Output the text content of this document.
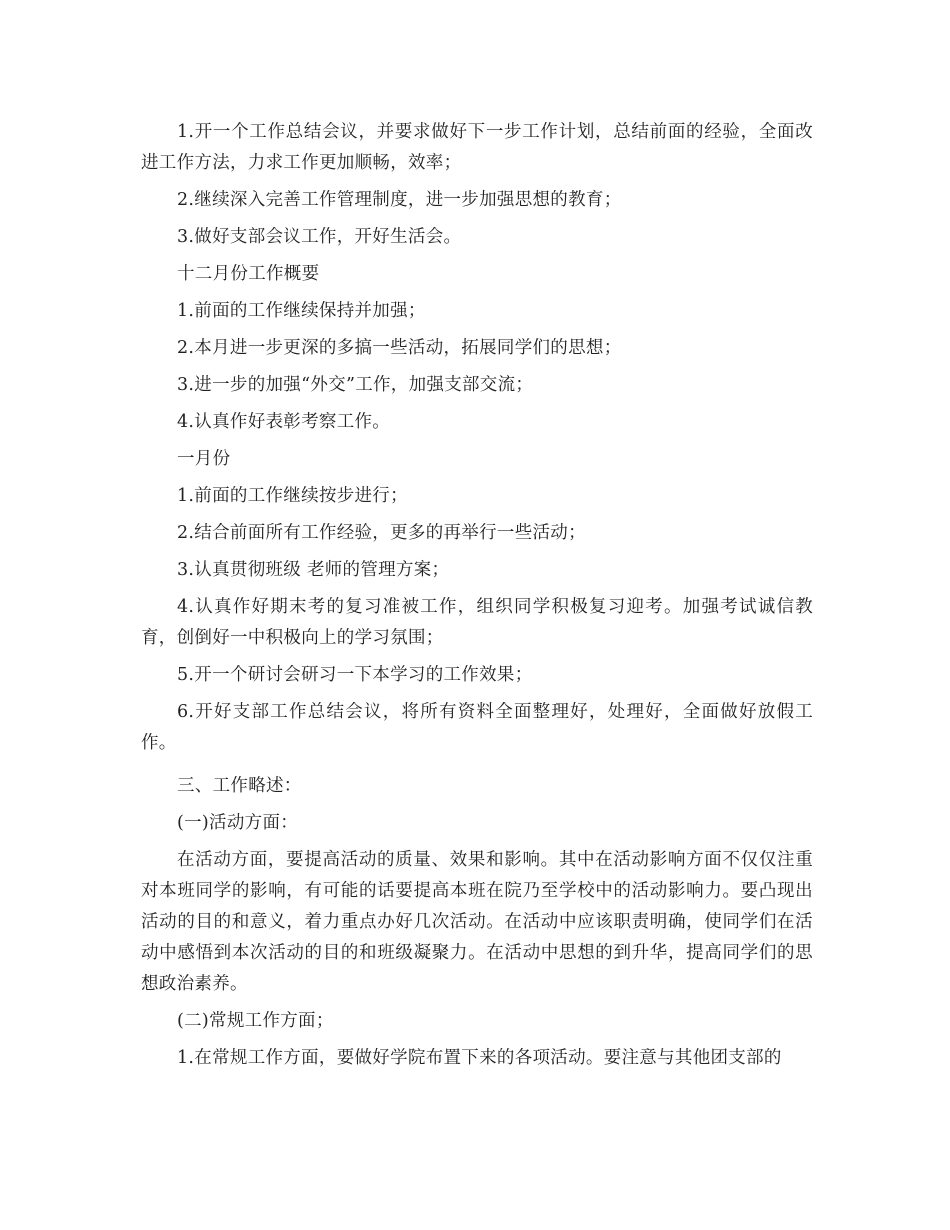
1.开一个工作总结会议，并要求做好下一步工作计划，总结前面的经验，全面改进工作方法，力求工作更加顺畅，效率；

2.继续深入完善工作管理制度，进一步加强思想的教育；

3.做好支部会议工作，开好生活会。

十二月份工作概要

1.前面的工作继续保持并加强；

2.本月进一步更深的多搞一些活动，拓展同学们的思想；

3.进一步的加强“外交”工作，加强支部交流；

4.认真作好表彰考察工作。

一月份

1.前面的工作继续按步进行；

2.结合前面所有工作经验，更多的再举行一些活动；

3.认真贯彻班级 老师的管理方案；

4.认真作好期末考的复习准被工作，组织同学积极复习迎考。加强考试诚信教育，创倒好一中积极向上的学习氛围；

5.开一个研讨会研习一下本学习的工作效果；

6.开好支部工作总结会议，将所有资料全面整理好，处理好，全面做好放假工作。

三、工作略述：

(一)活动方面：

在活动方面，要提高活动的质量、效果和影响。其中在活动影响方面不仅仅注重对本班同学的影响，有可能的话要提高本班在院乃至学校中的活动影响力。要凸现出活动的目的和意义，着力重点办好几次活动。在活动中应该职责明确，使同学们在活动中感悟到本次活动的目的和班级凝聚力。在活动中思想的到升华，提高同学们的思想政治素养。

(二)常规工作方面；

1.在常规工作方面，要做好学院布置下来的各项活动。要注意与其他团支部的
